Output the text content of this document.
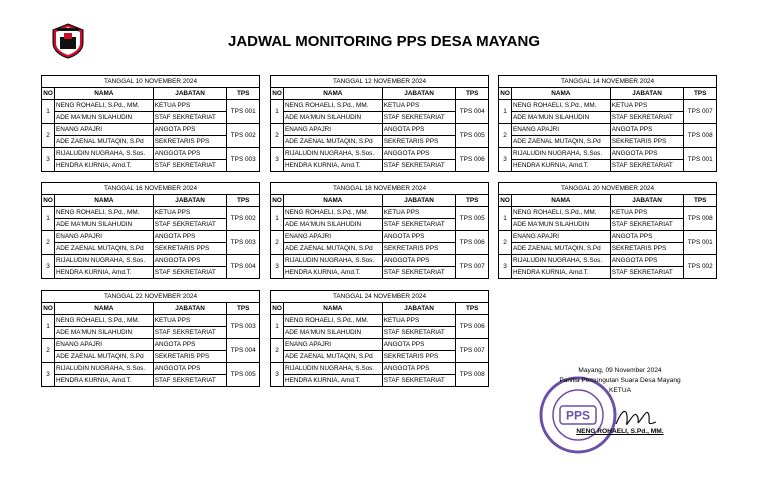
JADWAL MONITORING PPS DESA MAYANG
TANGGAL 10 NOVEMBER 2024			
NO	NAMA	JABATAN	TPS
1	NENG ROHAELI, S.Pd., MM.	KETUA PPS	TPS 001
	ADE MA'MUN SILAHUDIN	STAF SEKRETARIAT	
2	ENANG APAJRI	ANGOTA PPS	TPS 002
	ADE ZAENAL MUTAQIN, S.Pd	SEKRETARIS PPS	
3	RIJALUDIN NUGRAHA, S.Sos.	ANGGOTA PPS	TPS 003
	HENDRA KURNIA, Amd.T.	STAF SEKRETARIAT	
TANGGAL 12 NOVEMBER 2024			
NO	NAMA	JABATAN	TPS
1	NENG ROHAELI, S.Pd., MM.	KETUA PPS	TPS 004
	ADE MA'MUN SILAHUDIN	STAF SEKRETARIAT	
2	ENANG APAJRI	ANGOTA PPS	TPS 005
	ADE ZAENAL MUTAQIN, S.Pd	SEKRETARIS PPS	
3	RIJALUDIN NUGRAHA, S.Sos.	ANGGOTA PPS	TPS 006
	HENDRA KURNIA, Amd.T.	STAF SEKRETARIAT	
TANGGAL 14 NOVEMBER 2024			
NO	NAMA	JABATAN	TPS
1	NENG ROHAELI, S.Pd., MM.	KETUA PPS	TPS 007
	ADE MA'MUN SILAHUDIN	STAF SEKRETARIAT	
2	ENANG APAJRI	ANGOTA PPS	TPS 008
	ADE ZAENAL MUTAQIN, S.Pd	SEKRETARIS PPS	
3	RIJALUDIN NUGRAHA, S.Sos.	ANGGOTA PPS	TPS 001
	HENDRA KURNIA, Amd.T.	STAF SEKRETARIAT	
TANGGAL 16 NOVEMBER 2024			
NO	NAMA	JABATAN	TPS
1	NENG ROHAELI, S.Pd., MM.	KETUA PPS	TPS 002
	ADE MA'MUN SILAHUDIN	STAF SEKRETARIAT	
2	ENANG APAJRI	ANGOTA PPS	TPS 003
	ADE ZAENAL MUTAQIN, S.Pd	SEKRETARIS PPS	
3	RIJALUDIN NUGRAHA, S.Sos.	ANGGOTA PPS	TPS 004
	HENDRA KURNIA, Amd.T.	STAF SEKRETARIAT	
TANGGAL 18 NOVEMBER 2024			
NO	NAMA	JABATAN	TPS
1	NENG ROHAELI, S.Pd., MM.	KETUA PPS	TPS 005
	ADE MA'MUN SILAHUDIN	STAF SEKRETARIAT	
2	ENANG APAJRI	ANGOTA PPS	TPS 006
	ADE ZAENAL MUTAQIN, S.Pd	SEKRETARIS PPS	
3	RIJALUDIN NUGRAHA, S.Sos.	ANGGOTA PPS	TPS 007
	HENDRA KURNIA, Amd.T.	STAF SEKRETARIAT	
TANGGAL 20 NOVEMBER 2024			
NO	NAMA	JABATAN	TPS
1	NENG ROHAELI, S.Pd., MM.	KETUA PPS	TPS 008
	ADE MA'MUN SILAHUDIN	STAF SEKRETARIAT	
2	ENANG APAJRI	ANGOTA PPS	TPS 001
	ADE ZAENAL MUTAQIN, S.Pd	SEKRETARIS PPS	
3	RIJALUDIN NUGRAHA, S.Sos.	ANGGOTA PPS	TPS 002
	HENDRA KURNIA, Amd.T.	STAF SEKRETARIAT	
TANGGAL 22 NOVEMBER 2024			
NO	NAMA	JABATAN	TPS
1	NENG ROHAELI, S.Pd., MM.	KETUA PPS	TPS 003
	ADE MA'MUN SILAHUDIN	STAF SEKRETARIAT	
2	ENANG APAJRI	ANGOTA PPS	TPS 004
	ADE ZAENAL MUTAQIN, S.Pd	SEKRETARIS PPS	
3	RIJALUDIN NUGRAHA, S.Sos.	ANGGOTA PPS	TPS 005
	HENDRA KURNIA, Amd.T.	STAF SEKRETARIAT	
TANGGAL 24 NOVEMBER 2024			
NO	NAMA	JABATAN	TPS
1	NENG ROHAELI, S.Pd., MM.	KETUA PPS	TPS 006
	ADE MA'MUN SILAHUDIN	STAF SEKRETARIAT	
2	ENANG APAJRI	ANGOTA PPS	TPS 007
	ADE ZAENAL MUTAQIN, S.Pd	SEKRETARIS PPS	
3	RIJALUDIN NUGRAHA, S.Sos.	ANGGOTA PPS	TPS 008
	HENDRA KURNIA, Amd.T.	STAF SEKRETARIAT	
PPS
Mayang, 09 November 2024
Panitia Pemungutan Suara Desa Mayang
KETUA
NENG ROHAELI, S.Pd., MM.
